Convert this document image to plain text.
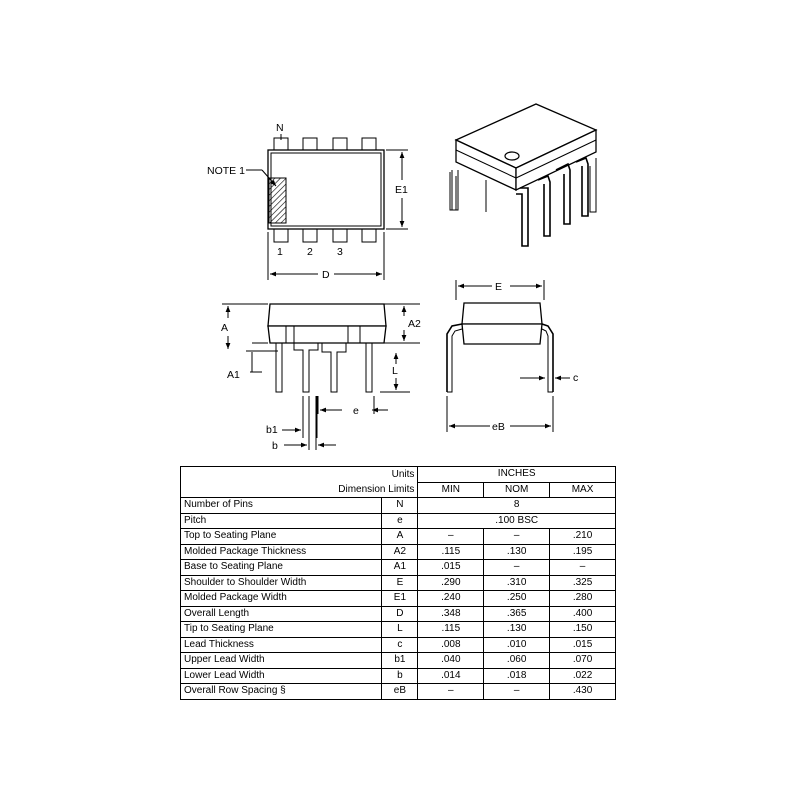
NOTE 1
N
1 2 3
E1
D
A	A2
A1	L
e
b1
b
E
c
eB
Units		INCHES		
Dimension Limits		MIN	NOM	MAX
Number of Pins	N	8		
Pitch	e	.100 BSC		
Top to Seating Plane	A	–	–	.210
Molded Package Thickness	A2	.115	.130	.195
Base to Seating Plane	A1	.015	–	–
Shoulder to Shoulder Width	E	.290	.310	.325
Molded Package Width	E1	.240	.250	.280
Overall Length	D	.348	.365	.400
Tip to Seating Plane	L	.115	.130	.150
Lead Thickness	c	.008	.010	.015
Upper Lead Width	b1	.040	.060	.070
Lower Lead Width	b	.014	.018	.022
Overall Row Spacing §	eB	–	–	.430
